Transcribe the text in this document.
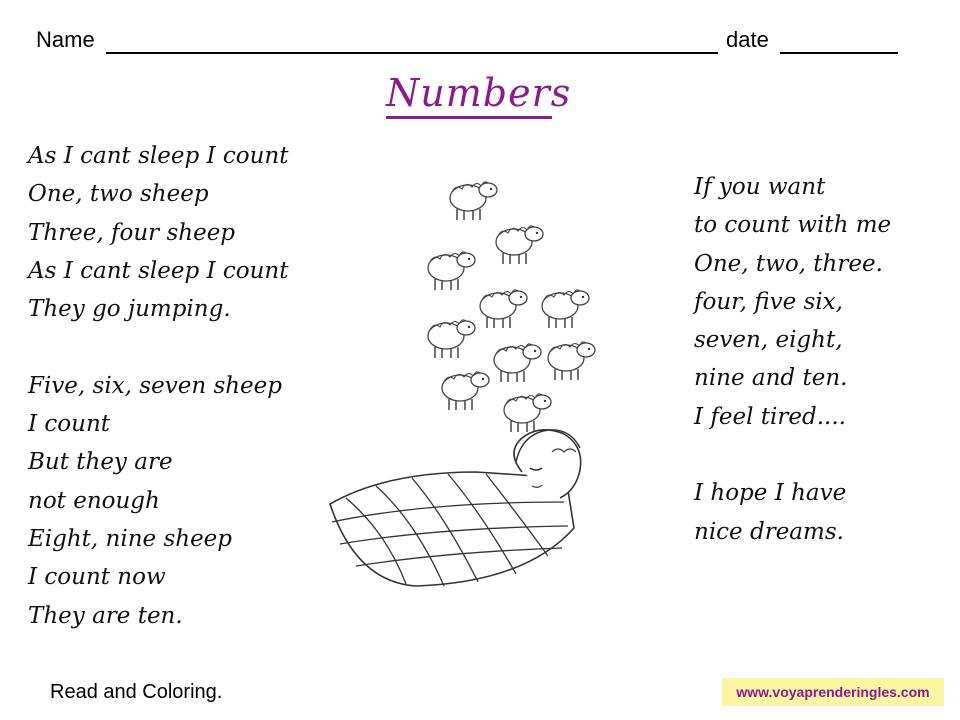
Name	date
Numbers
As I cant sleep I count
One, two sheep
Three, four sheep
As I cant sleep I count
They go jumping.
Five, six, seven sheep
I count
But they are
not enough
Eight, nine sheep
I count now
They are ten.
If you want
to count with me
One, two, three.
four, five six,
seven, eight,
nine and ten.
I feel tired....
I hope I have
nice dreams.
Read and Coloring.	www.voyaprenderingles.com
